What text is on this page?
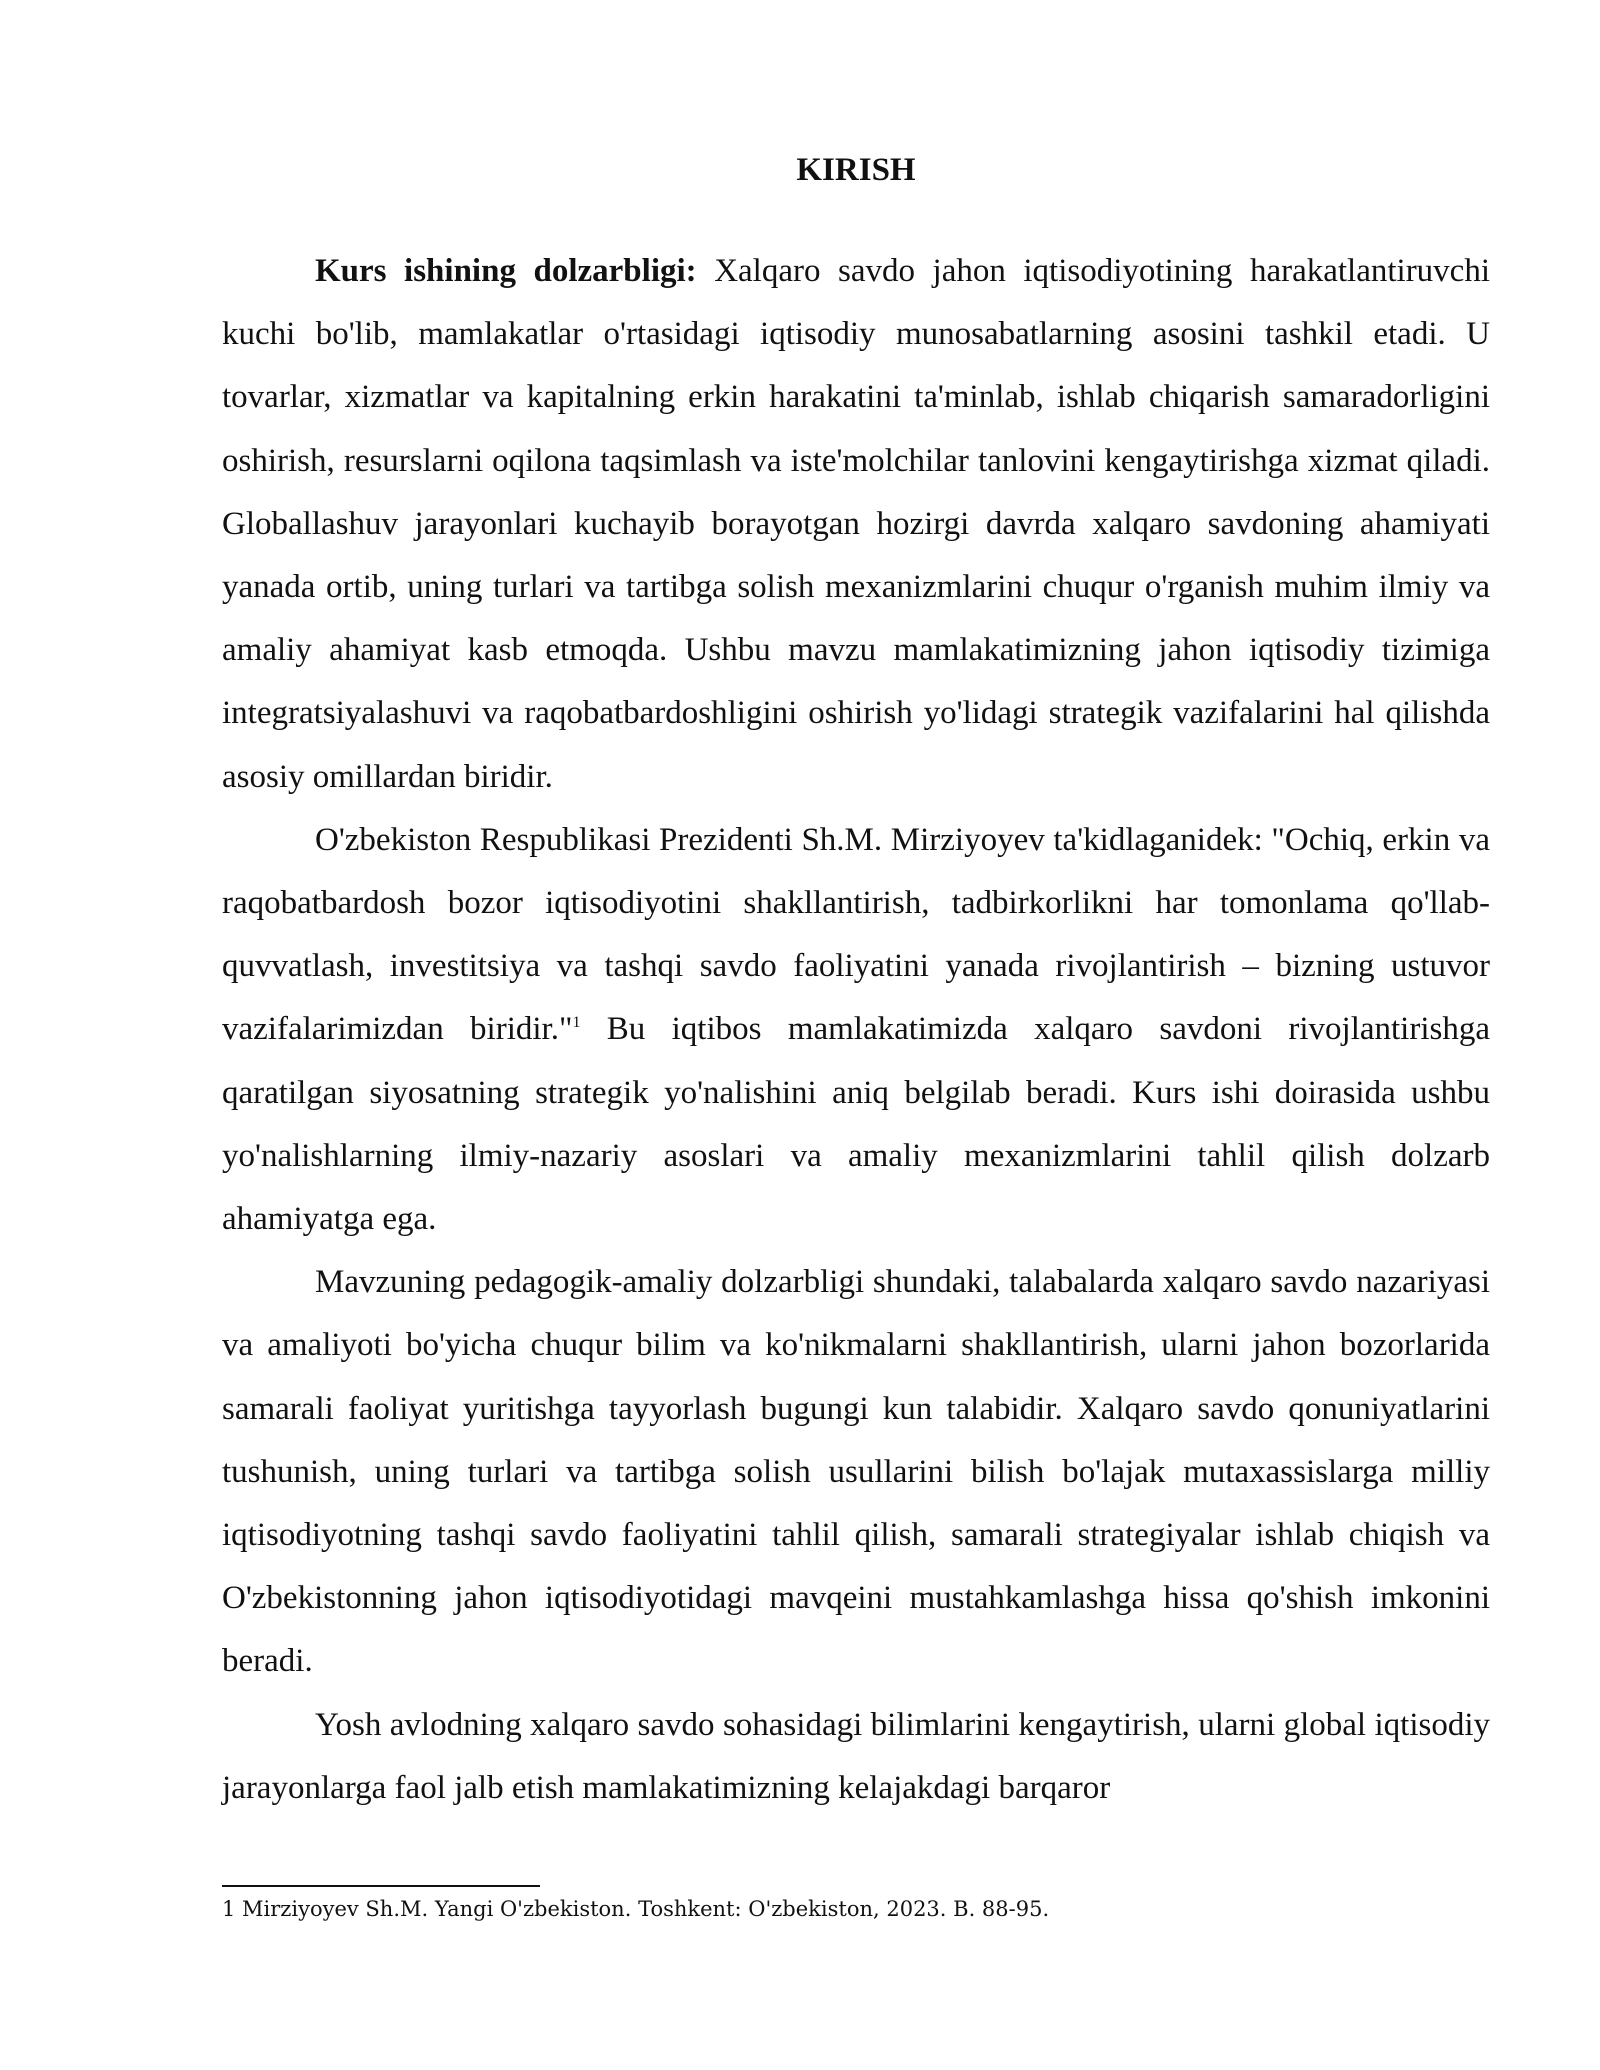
KIRISH

Kurs ishining dolzarbligi: Xalqaro savdo jahon iqtisodiyotining harakatlantiruvchi kuchi bo'lib, mamlakatlar o'rtasidagi iqtisodiy munosabatlarning asosini tashkil etadi. U tovarlar, xizmatlar va kapitalning erkin harakatini ta'minlab, ishlab chiqarish samaradorligini oshirish, resurslarni oqilona taqsimlash va iste'molchilar tanlovini kengaytirishga xizmat qiladi. Globallashuv jarayonlari kuchayib borayotgan hozirgi davrda xalqaro savdoning ahamiyati yanada ortib, uning turlari va tartibga solish mexanizmlarini chuqur o'rganish muhim ilmiy va amaliy ahamiyat kasb etmoqda. Ushbu mavzu mamlakatimizning jahon iqtisodiy tizimiga integratsiyalashuvi va raqobatbardoshligini oshirish yo'lidagi strategik vazifalarini hal qilishda asosiy omillardan biridir.

O'zbekiston Respublikasi Prezidenti Sh.M. Mirziyoyev ta'kidlaganidek: "Ochiq, erkin va raqobatbardosh bozor iqtisodiyotini shakllantirish, tadbirkorlikni har tomonlama qo'llab-quvvatlash, investitsiya va tashqi savdo faoliyatini yanada rivojlantirish – bizning ustuvor vazifalarimizdan biridir."$^1$ Bu iqtibos mamlakatimizda xalqaro savdoni rivojlantirishga qaratilgan siyosatning strategik yo'nalishini aniq belgilab beradi. Kurs ishi doirasida ushbu yo'nalishlarning ilmiy-nazariy asoslari va amaliy mexanizmlarini tahlil qilish dolzarb ahamiyatga ega.

Mavzuning pedagogik-amaliy dolzarbligi shundaki, talabalarda xalqaro savdo nazariyasi va amaliyoti bo'yicha chuqur bilim va ko'nikmalarni shakllantirish, ularni jahon bozorlarida samarali faoliyat yuritishga tayyorlash bugungi kun talabidir. Xalqaro savdo qonuniyatlarini tushunish, uning turlari va tartibga solish usullarini bilish bo'lajak mutaxassislarga milliy iqtisodiyotning tashqi savdo faoliyatini tahlil qilish, samarali strategiyalar ishlab chiqish va O'zbekistonning jahon iqtisodiyotidagi mavqeini mustahkamlashga hissa qo'shish imkonini beradi.

Yosh avlodning xalqaro savdo sohasidagi bilimlarini kengaytirish, ularni global iqtisodiy jarayonlarga faol jalb etish mamlakatimizning kelajakdagi barqaror

1 Mirziyoyev Sh.M. Yangi O'zbekiston. Toshkent: O'zbekiston, 2023. B. 88-95.
